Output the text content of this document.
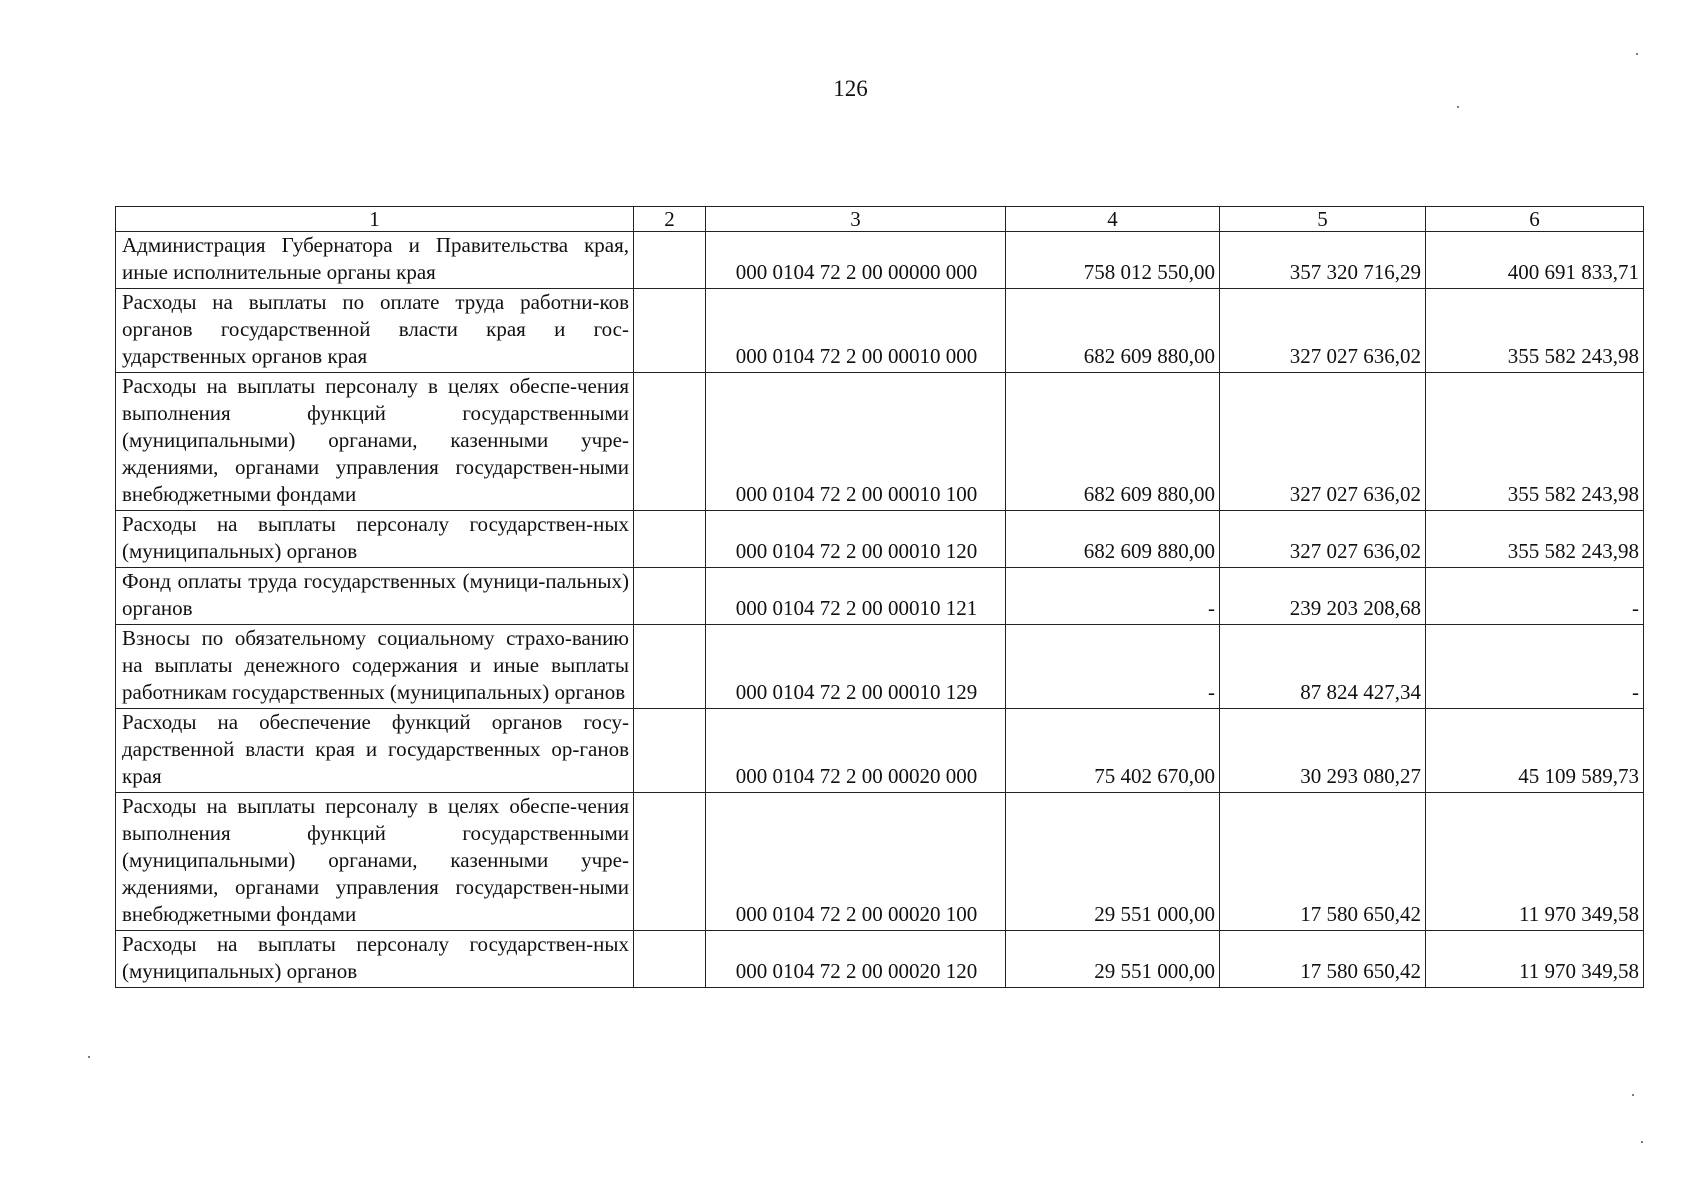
126
1	2	3	4	5	6
Администрация Губернатора и Правительства края, иные исполнительные органы края		000 0104 72 2 00 00000 000	758 012 550,00	357 320 716,29	400 691 833,71
Расходы на выплаты по оплате труда работни-ков органов государственной власти края и гос-ударственных органов края		000 0104 72 2 00 00010 000	682 609 880,00	327 027 636,02	355 582 243,98
Расходы на выплаты персоналу в целях обеспе-чения выполнения функций государственными (муниципальными) органами, казенными учре-ждениями, органами управления государствен-ными внебюджетными фондами		000 0104 72 2 00 00010 100	682 609 880,00	327 027 636,02	355 582 243,98
Расходы на выплаты персоналу государствен-ных (муниципальных) органов		000 0104 72 2 00 00010 120	682 609 880,00	327 027 636,02	355 582 243,98
Фонд оплаты труда государственных (муници-пальных) органов		000 0104 72 2 00 00010 121	-	239 203 208,68	-
Взносы по обязательному социальному страхо-ванию на выплаты денежного содержания и иные выплаты работникам государственных (муниципальных) органов		000 0104 72 2 00 00010 129	-	87 824 427,34	-
Расходы на обеспечение функций органов госу-дарственной власти края и государственных ор-ганов края		000 0104 72 2 00 00020 000	75 402 670,00	30 293 080,27	45 109 589,73
Расходы на выплаты персоналу в целях обеспе-чения выполнения функций государственными (муниципальными) органами, казенными учре-ждениями, органами управления государствен-ными внебюджетными фондами		000 0104 72 2 00 00020 100	29 551 000,00	17 580 650,42	11 970 349,58
Расходы на выплаты персоналу государствен-ных (муниципальных) органов		000 0104 72 2 00 00020 120	29 551 000,00	17 580 650,42	11 970 349,58
